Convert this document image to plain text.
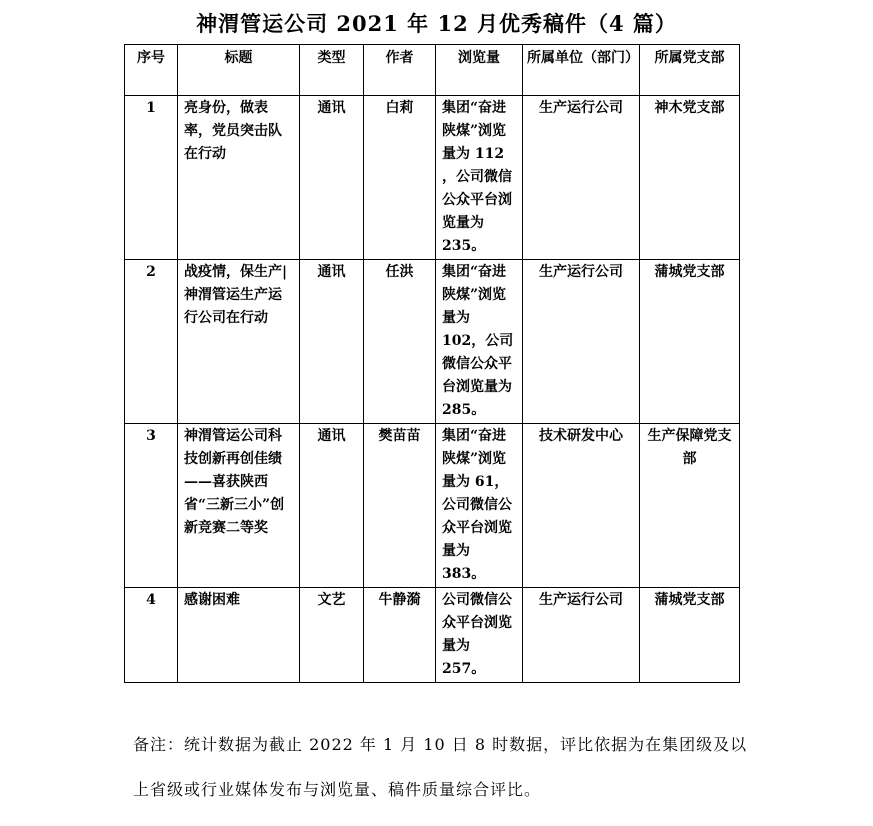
神渭管运公司 2021 年 12 月优秀稿件（4 篇）
序号	标题	类型	作者	浏览量	所属单位（部门）	所属党支部
1	亮身份，做表率，党员突击队在行动	通讯	白莉	集团“奋进陕煤”浏览量为 112 ，公司微信公众平台浏览量为 235。	生产运行公司	神木党支部
2	战疫情，保生产|神渭管运生产运行公司在行动	通讯	任洪	集团“奋进陕煤”浏览量为 102，公司微信公众平台浏览量为 285。	生产运行公司	蒲城党支部
3	神渭管运公司科技创新再创佳绩——喜获陕西省“三新三小”创新竞赛二等奖	通讯	樊苗苗	集团“奋进陕煤”浏览量为 61，公司微信公众平台浏览量为 383。	技术研发中心	生产保障党支部
4	感谢困难	文艺	牛静漪	公司微信公众平台浏览量为 257。	生产运行公司	蒲城党支部
备注：统计数据为截止 2022 年 1 月 10 日 8 时数据，评比依据为在集团级及以上省级或行业媒体发布与浏览量、稿件质量综合评比。
